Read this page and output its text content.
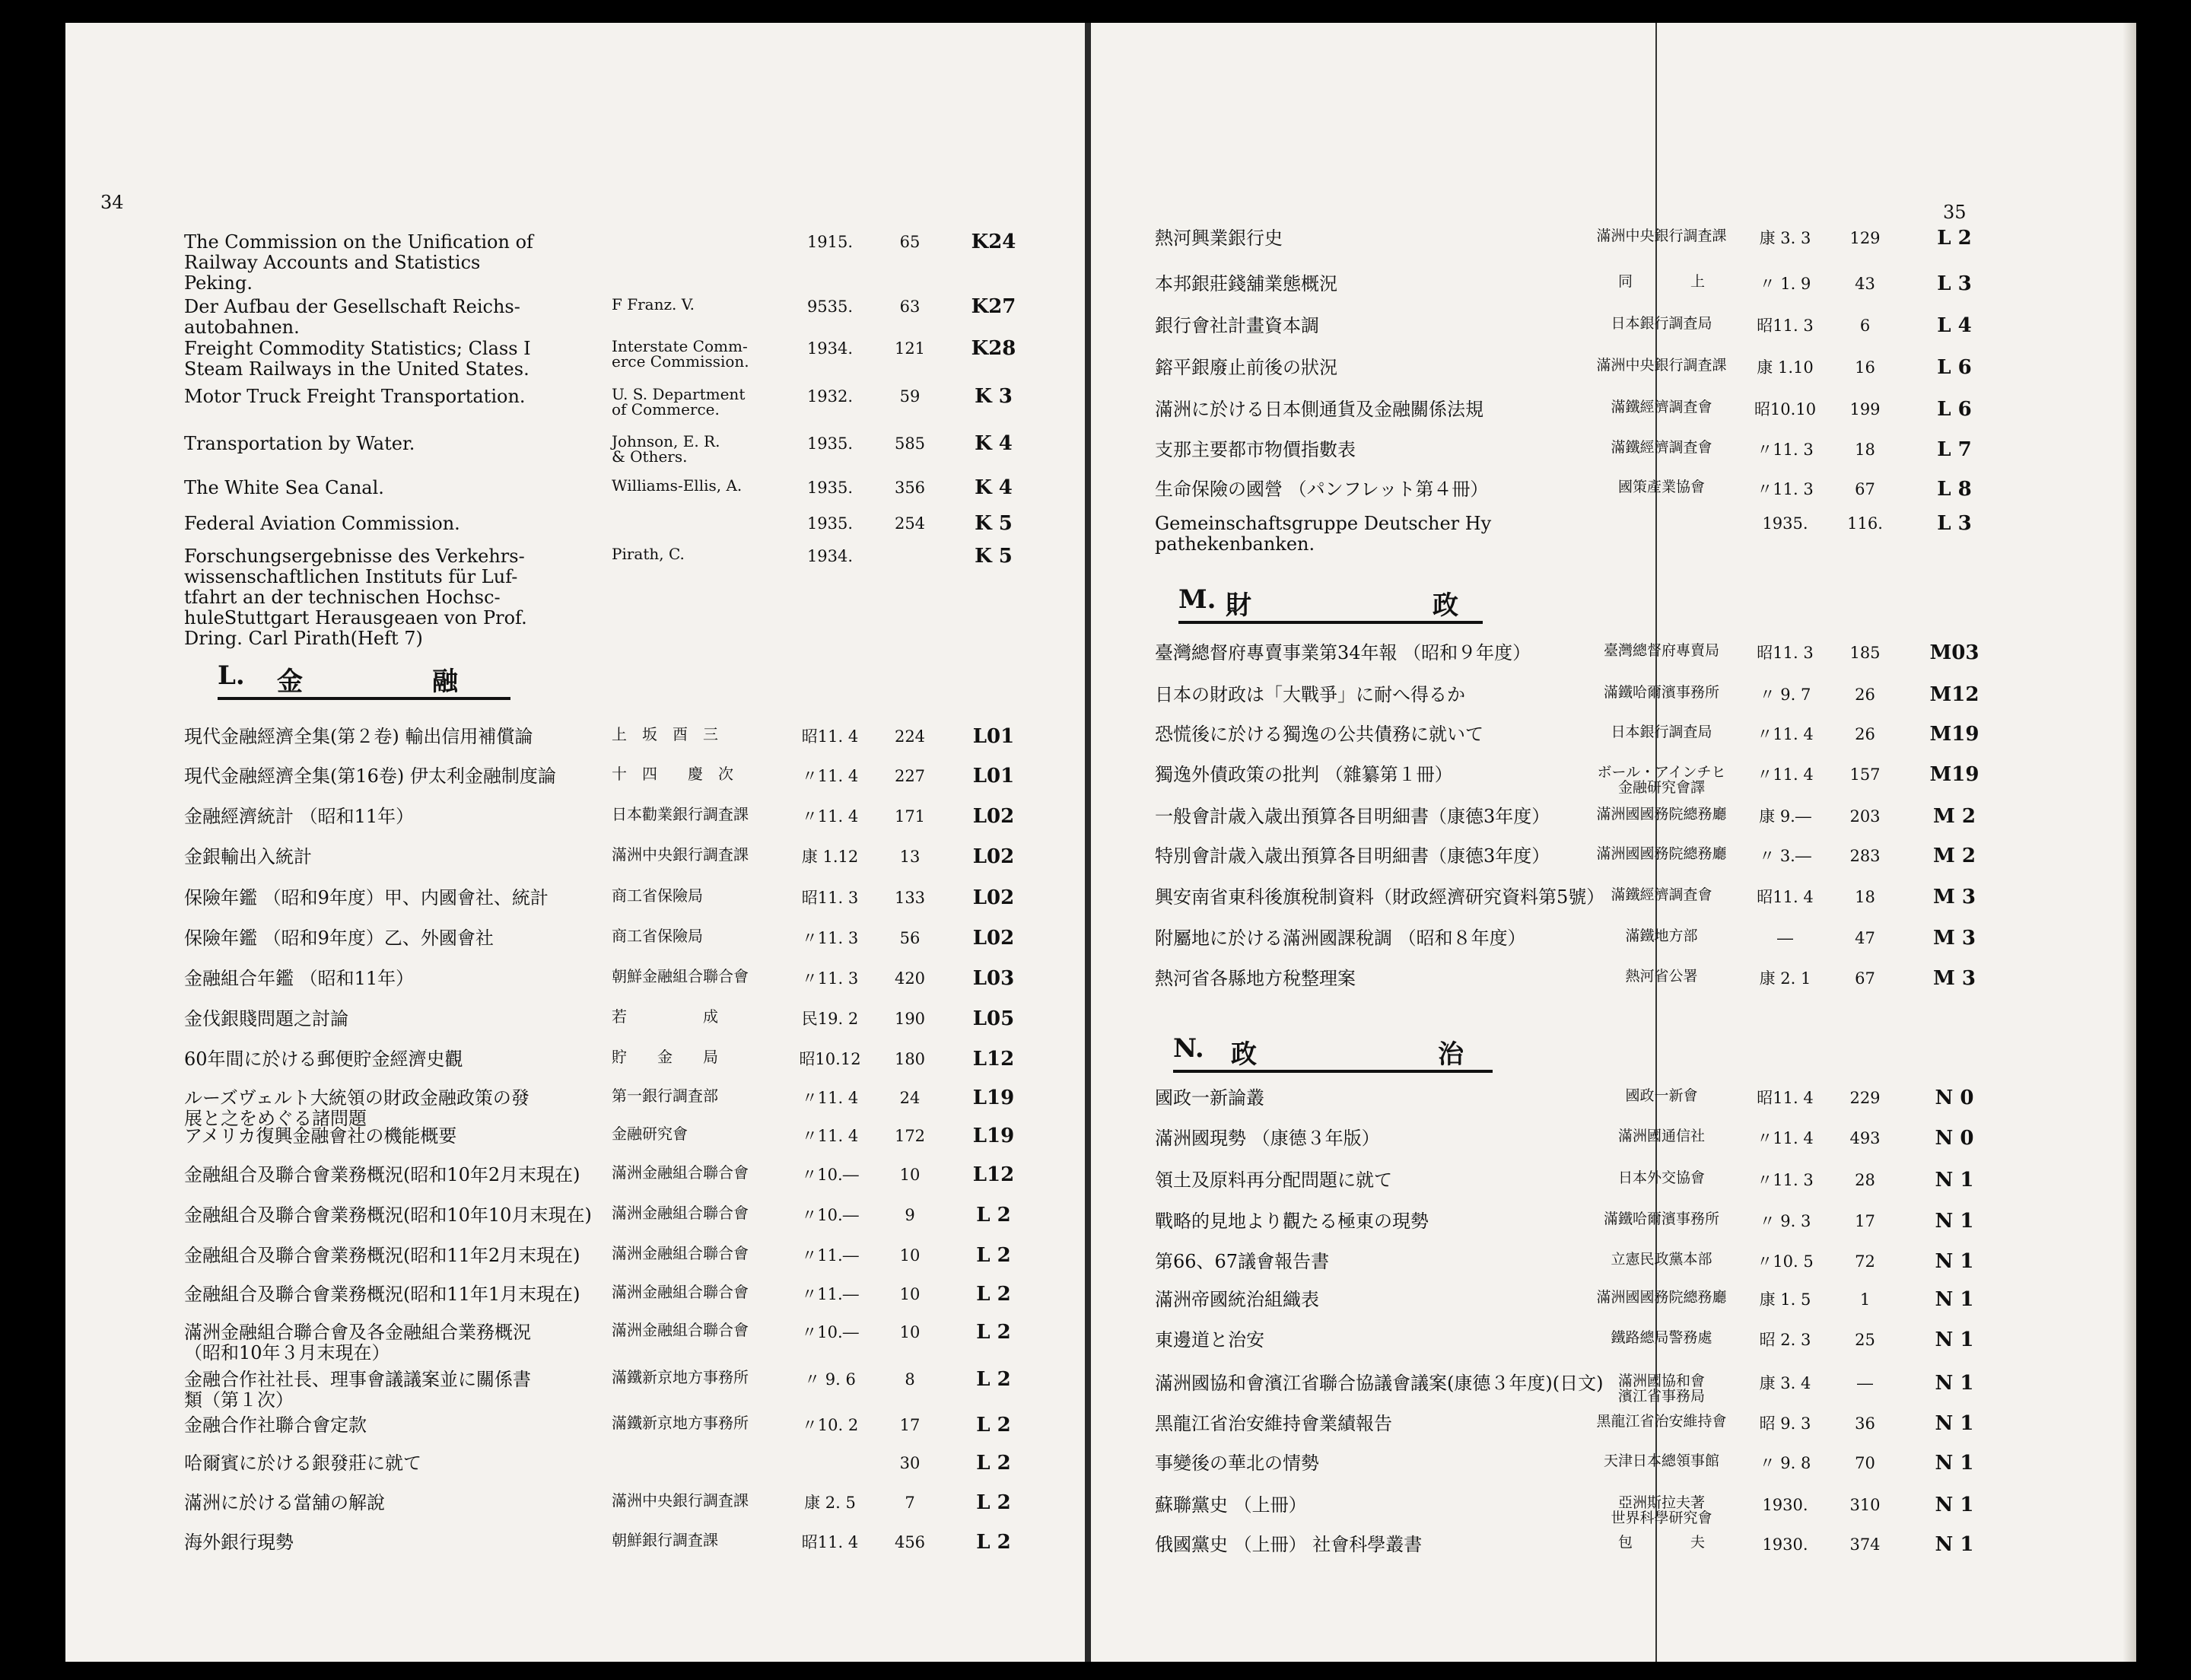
34
The Commission on the Unification of
Railway Accounts and Statistics
Peking.
1915.	65	K24
Der Aufbau der Gesellschaft Reichs-
autobahnen.
F Franz. V.	9535.	63	K27
Freight Commodity Statistics; Class I
Steam Railways in the United States.
Interstate Comm-
erce Commission.
1934.	121	K28
Motor Truck Freight Transportation.	U. S. Department
of Commerce.
1932.	59	K 3
Transportation by Water.	Johnson, E. R.
& Others.
1935.	585	K 4
The White Sea Canal.	Williams-Ellis, A.	1935.	356	K 4
Federal Aviation Commission.	1935.	254	K 5
Forschungsergebnisse des Verkehrs-
wissenschaftlichen Instituts für Luf-
tfahrt an der technischen Hochsc-
huleStuttgart Herausgeaen von Prof.
Dring. Carl Pirath(Heft 7)
Pirath, C.	1934.	K 5
現代金融經濟全集(第２卷) 輸出信用補償論	上　坂　酉　三	昭11. 4	224	L01
現代金融經濟全集(第16卷) 伊太利金融制度論	十　四　　慶　次	〃11. 4	227	L01
金融經濟統計 （昭和11年）	日本勸業銀行調査課	〃11. 4	171	L02
金銀輸出入統計	滿洲中央銀行調査課	康 1.12	13	L02
保險年鑑 （昭和9年度）甲、内國會社、統計	商工省保險局	昭11. 3	133	L02
保險年鑑 （昭和9年度）乙、外國會社	商工省保險局	〃11. 3	56	L02
金融組合年鑑 （昭和11年）	朝鮮金融組合聯合會	〃11. 3	420	L03
金伐銀賤問題之討論	若　　　　　成	民19. 2	190	L05
60年間に於ける郵便貯金經濟史觀	貯　　金　　局	昭10.12	180	L12
ルーズヴェルト大統領の財政金融政策の發
展と之をめぐる諸問題
第一銀行調査部	〃11. 4	24	L19
アメリカ復興金融會社の機能概要	金融研究會	〃11. 4	172	L19
金融組合及聯合會業務概況(昭和10年2月末現在)	滿洲金融組合聯合會	〃10.―	10	L12
金融組合及聯合會業務概況(昭和10年10月末現在)	滿洲金融組合聯合會	〃10.―	9	L 2
金融組合及聯合會業務概況(昭和11年2月末現在)	滿洲金融組合聯合會	〃11.―	10	L 2
金融組合及聯合會業務概況(昭和11年1月末現在)	滿洲金融組合聯合會	〃11.―	10	L 2
滿洲金融組合聯合會及各金融組合業務概況
（昭和10年３月末現在）
滿洲金融組合聯合會	〃10.―	10	L 2
金融合作社社長、理事會議議案並に關係書
類（第１次）
滿鐵新京地方事務所	〃 9. 6	8	L 2
金融合作社聯合會定款	滿鐵新京地方事務所	〃10. 2	17	L 2
哈爾賓に於ける銀發莊に就て	30	L 2
滿洲に於ける當舖の解說	滿洲中央銀行調査課	康 2. 5	7	L 2
海外銀行現勢	朝鮮銀行調査課	昭11. 4	456	L 2
L. 金　　　　　融
35
熱河興業銀行史	滿洲中央銀行調査課	康 3. 3	129	L 2
本邦銀莊錢舖業態概況	同　　　　上	〃 1. 9	43	L 3
銀行會社計畫資本調	日本銀行調査局	昭11. 3	6	L 4
鎔平銀廢止前後の狀況	滿洲中央銀行調査課	康 1.10	16	L 6
滿洲に於ける日本側通貨及金融關係法規	滿鐵經濟調査會	昭10.10	199	L 6
支那主要都市物價指數表	滿鐵經濟調査會	〃11. 3	18	L 7
生命保險の國營 （パンフレット第４冊）	國策產業協會	〃11. 3	67	L 8
Gemeinschaftsgruppe Deutscher Hy
pathekenbanken.
1935.	116.	L 3
臺灣總督府專賣事業第34年報 （昭和９年度）	臺灣總督府專賣局	昭11. 3	185	M03
日本の財政は「大戰爭」に耐へ得るか	滿鐵哈爾濱事務所	〃 9. 7	26	M12
恐慌後に於ける獨逸の公共債務に就いて	日本銀行調査局	〃11. 4	26	M19
獨逸外債政策の批判 （雜纂第１冊）	ボール・アインチヒ
金融研究會譯
〃11. 4	157	M19
一般會計歳入歳出預算各目明細書（康德3年度）	滿洲國國務院總務廳	康 9.―	203	M 2
特別會計歳入歳出預算各目明細書（康德3年度）	滿洲國國務院總務廳	〃 3.―	283	M 2
興安南省東科後旗稅制資料（財政經濟研究資料第5號） 滿鐵經濟調査會	昭11. 4	18	M 3
附屬地に於ける滿洲國課稅調 （昭和８年度）	滿鐵地方部	―	47	M 3
熱河省各縣地方稅整理案	熱河省公署	康 2. 1	67	M 3
國政一新論叢	國政一新會	昭11. 4	229	N 0
滿洲國現勢 （康德３年版）	滿洲國通信社	〃11. 4	493	N 0
領土及原料再分配問題に就て	日本外交協會	〃11. 3	28	N 1
戰略的見地より觀たる極東の現勢	滿鐵哈爾濱事務所	〃 9. 3	17	N 1
第66、67議會報告書	立憲民政黨本部	〃10. 5	72	N 1
滿洲帝國統治組織表	滿洲國國務院總務廳	康 1. 5	1	N 1
東邊道と治安	鐵路總局警務處	昭 2. 3	25	N 1
滿洲國協和會濱江省聯合協議會議案(康德３年度)(日文)	滿洲國協和會
濱江省事務局
康 3. 4	―	N 1
黑龍江省治安維持會業績報告	黑龍江省治安維持會	昭 9. 3	36	N 1
事變後の華北の情勢	天津日本總領事館	〃 9. 8	70	N 1
蘇聯黨史 （上冊）	亞洲斯拉夫著
世界科學研究會
1930.	310	N 1
俄國黨史 （上冊） 社會科學叢書	包　　　　夫	1930.	374	N 1
M. 財　　　　　　　政
N. 政　　　　　　　治
